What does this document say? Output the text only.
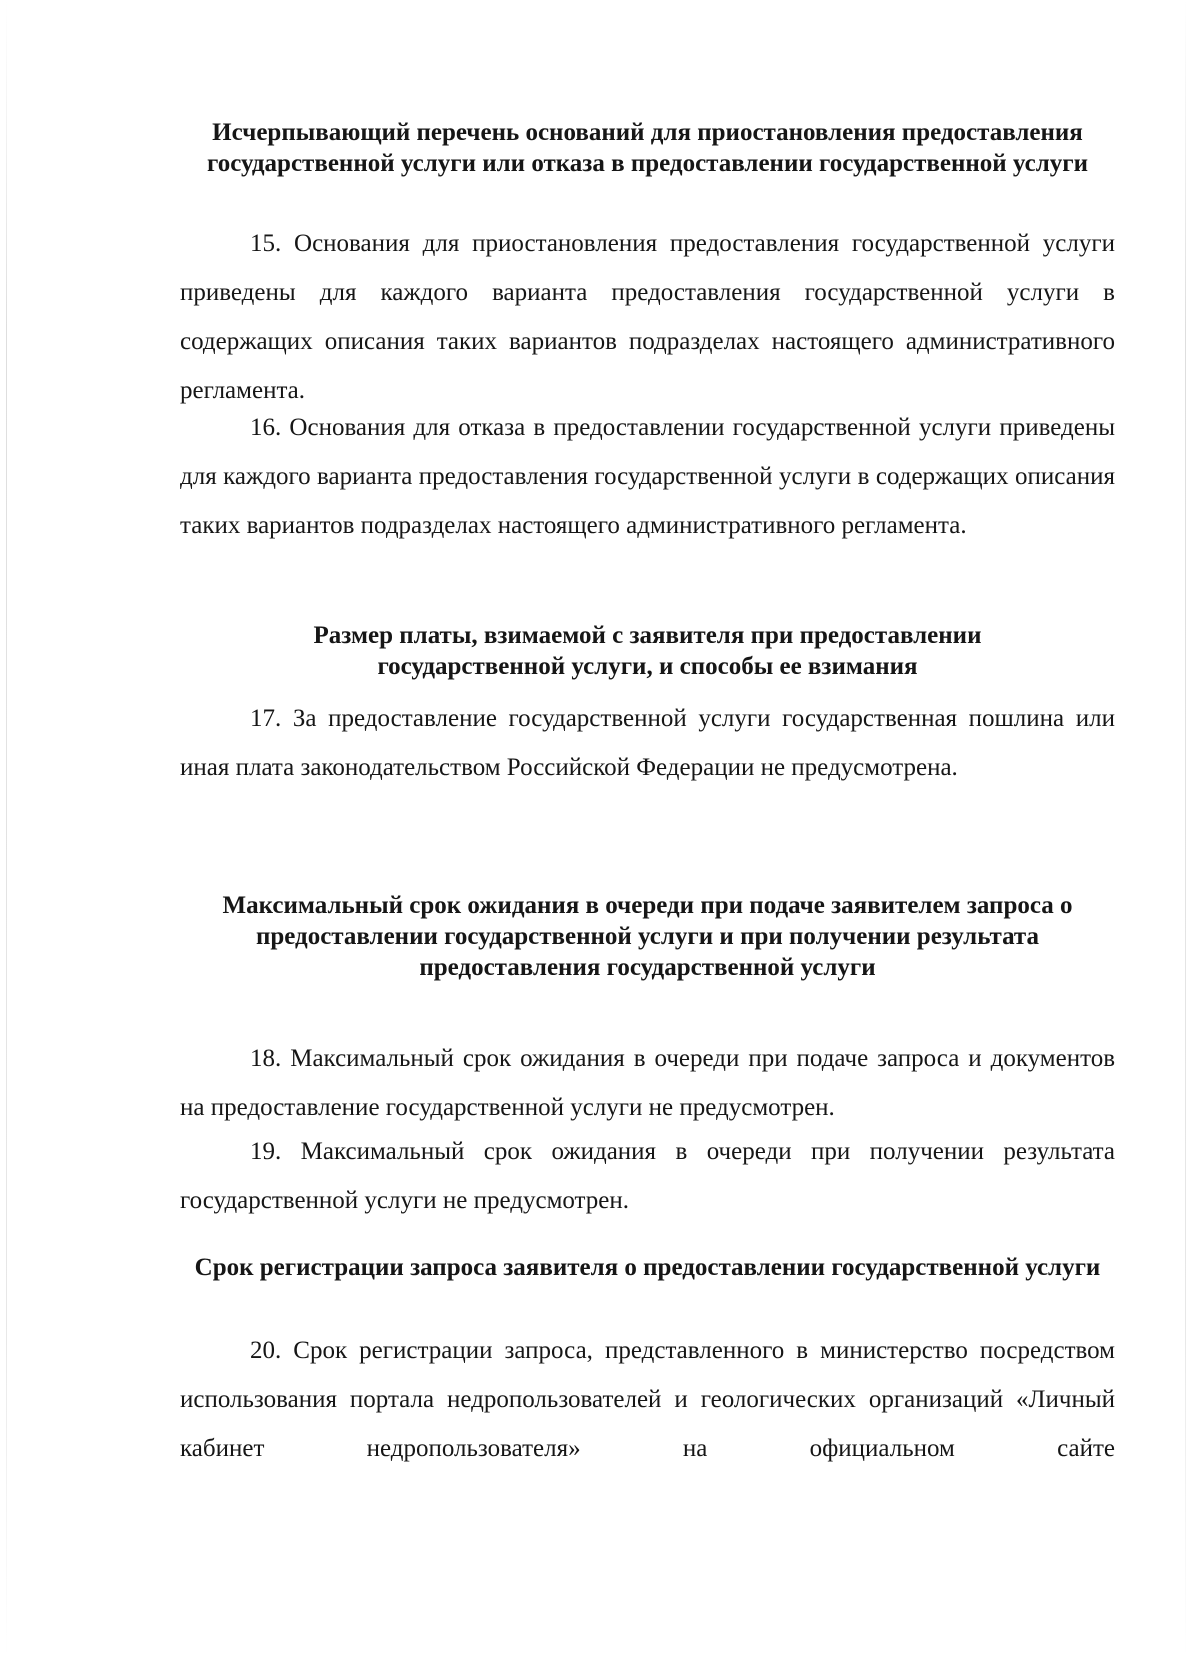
Исчерпывающий перечень оснований для приостановления предоставления государственной услуги или отказа в предоставлении государственной услуги

15. Основания для приостановления предоставления государственной услуги приведены для каждого варианта предоставления государственной услуги в содержащих описания таких вариантов подразделах настоящего административного регламента.

16. Основания для отказа в предоставлении государственной услуги приведены для каждого варианта предоставления государственной услуги в содержащих описания таких вариантов подразделах настоящего административного регламента.

Размер платы, взимаемой с заявителя при предоставлении государственной услуги, и способы ее взимания

17. За предоставление государственной услуги государственная пошлина или иная плата законодательством Российской Федерации не предусмотрена.

Максимальный срок ожидания в очереди при подаче заявителем запроса о предоставлении государственной услуги и при получении результата предоставления государственной услуги

18. Максимальный срок ожидания в очереди при подаче запроса и документов на предоставление государственной услуги не предусмотрен.

19. Максимальный срок ожидания в очереди при получении результата государственной услуги не предусмотрен.

Срок регистрации запроса заявителя о предоставлении государственной услуги

20. Срок регистрации запроса, представленного в министерство посредством использования портала недропользователей и геологических организаций «Личный кабинет недропользователя» на официальном сайте
